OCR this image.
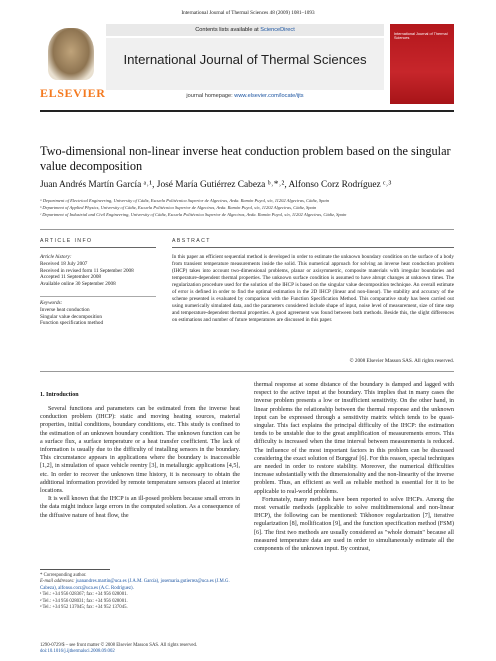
International Journal of Thermal Sciences 48 (2009) 1081–1093
ELSEVIER
Contents lists available at ScienceDirect
International Journal of Thermal Sciences
journal homepage: www.elsevier.com/locate/ijts
International Journal of Thermal Sciences
Two-dimensional non-linear inverse heat conduction problem based on the singular value decomposition
Juan Andrés Martín García ᵃ˒¹, José María Gutiérrez Cabeza ᵇ˒*˒², Alfonso Corz Rodríguez ᶜ˒³
ᵃ Department of Electrical Engineering, University of Cádiz, Escuela Politécnica Superior de Algeciras, Avda. Ramón Puyol, s/n, 11202 Algeciras, Cádiz, Spain
ᵇ Department of Applied Physics, University of Cádiz, Escuela Politécnica Superior de Algeciras, Avda. Ramón Puyol, s/n, 11202 Algeciras, Cádiz, Spain
ᶜ Department of Industrial and Civil Engineering, University of Cádiz, Escuela Politécnica Superior de Algeciras, Avda. Ramón Puyol, s/n, 11202 Algeciras, Cádiz, Spain
ARTICLE INFO	ABSTRACT
Article history:
Received 18 July 2007
Received in revised form 11 September 2008
Accepted 11 September 2008
Available online 30 September 2008
Keywords:
Inverse heat conduction
Singular value decomposition
Function specification method
In this paper an efficient sequential method is developed in order to estimate the unknown boundary condition on the surface of a body from transient temperature measurements inside the solid. This numerical approach for solving an inverse heat conduction problem (IHCP) takes into account two-dimensional problems, planar or axisymmetric, composite materials with irregular boundaries and temperature-dependent thermal properties. The unknown surface condition is assumed to have abrupt changes at unknown times. The regularization procedure used for the solution of the IHCP is based on the singular value decomposition technique. An overall estimate of error is defined in order to find the optimal estimation in the 2D IHCP (linear and non-linear). The stability and accuracy of the scheme presented is evaluated by comparison with the Function Specification Method. This comparative study has been carried out using numerically simulated data, and the parameters considered include shape of input, noise level of measurement, size of time step and temperature-dependent thermal properties. A good agreement was found between both methods. Beside this, the slight differences on estimations and number of future temperatures are discussed in this paper.
© 2008 Elsevier Masson SAS. All rights reserved.
1. Introduction

Several functions and parameters can be estimated from the inverse heat conduction problem (IHCP): static and moving heating sources, material properties, initial conditions, boundary conditions, etc. This study is confined to the estimation of an unknown boundary condition. The unknown function can be a surface flux, a surface temperature or a heat transfer coefficient. The lack of information is usually due to the difficulty of installing sensors in the boundary. This circumstance appears in applications where the boundary is inaccessible [1,2], in simulation of space vehicle reentry [3], in metallurgic applications [4,5], etc. In order to recover the unknown time history, it is necessary to obtain the additional information provided by remote temperature sensors placed at interior locations.

It is well known that the IHCP is an ill-posed problem because small errors in the data might induce large errors in the computed solution. As a consequence of the diffusive nature of heat flow, the

thermal response at some distance of the boundary is damped and lagged with respect to the active input at the boundary. This implies that in many cases the inverse problem presents a low or insufficient sensitivity. On the other hand, in linear problems the relationship between the thermal response and the unknown input can be expressed through a sensitivity matrix which tends to be quasi-singular. This fact explains the principal difficulty of the IHCP: the estimation tends to be unstable due to the great amplification of measurements errors. This difficulty is increased when the time interval between measurements is reduced. The influence of the most important factors in this problem can be discussed considering the exact solution of Burggraf [6]. For this reason, special techniques are needed in order to restore stability. Moreover, the numerical difficulties increase substantially with the dimensionality and the non-linearity of the inverse problem. Thus, an efficient as well as reliable method is essential for it to be applicable to real-world problems.

Fortunately, many methods have been reported to solve IHCPs. Among the most versatile methods (applicable to solve multidimensional and non-linear IHCP), the following can be mentioned: Tikhonov regularization [7], iterative regularization [8], mollification [9], and the function specification method (FSM) [6]. The first two methods are usually considered as "whole domain" because all measured temperature data are used in order to simultaneously estimate all the components of the unknown input. By contrast,

* Corresponding author.
E-mail addresses: juanandres.martin@uca.es (J.A.M. García), josemaria.gutierrez@uca.es (J.M.G. Cabeza), alfonso.corz@uca.es (A.C. Rodríguez).
¹ Tel.: +34 956 028367; fax: +34 956 028001.
² Tel.: +34 956 028031; fax: +34 956 028001.
³ Tel.: +34 952 137045; fax: +34 952 137045.
1290-0729/$ – see front matter © 2008 Elsevier Masson SAS. All rights reserved.
doi:10.1016/j.ijthermalsci.2008.09.002
